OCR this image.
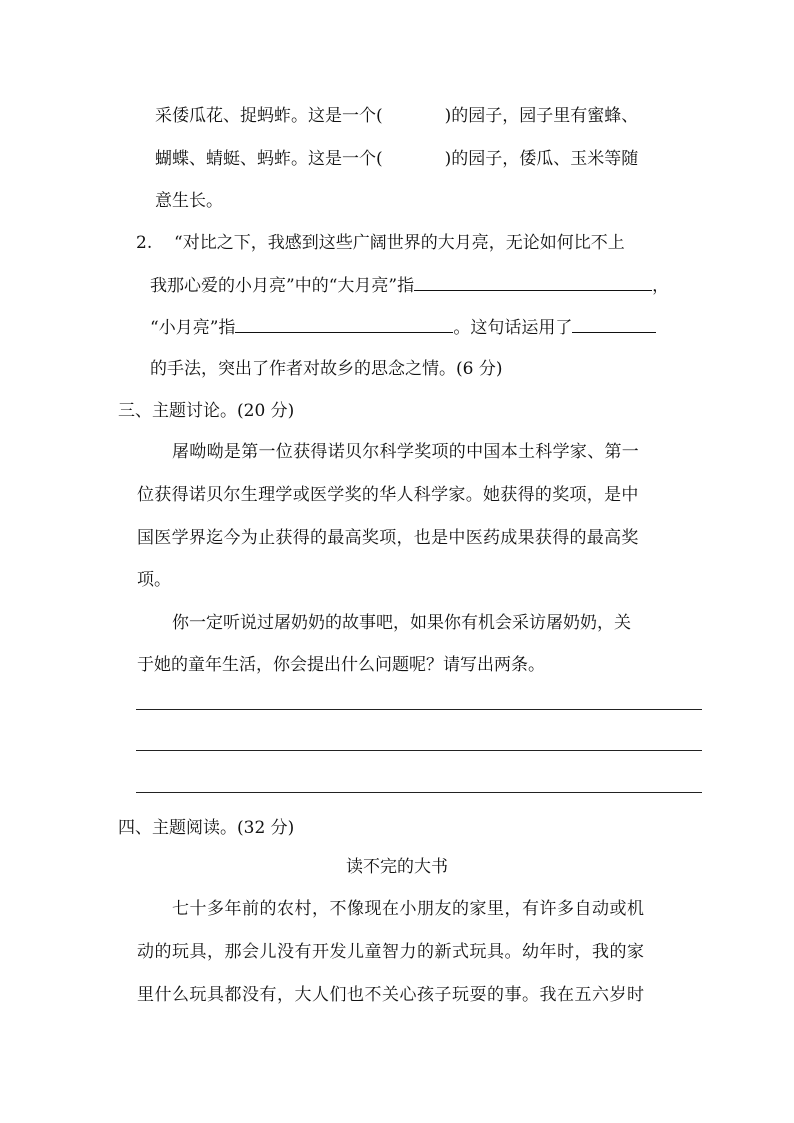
采倭瓜花、捉蚂蚱。这是一个(	)的园子，园子里有蜜蜂、
蝴蝶、蜻蜓、蚂蚱。这是一个(	)的园子，倭瓜、玉米等随
意生长。
2. “对比之下，我感到这些广阔世界的大月亮，无论如何比不上
我那心爱的小月亮”中的“大月亮”指	，
“小月亮”指	。这句话运用了
的手法，突出了作者对故乡的思念之情。(6 分)
三、主题讨论。(20 分)
屠呦呦是第一位获得诺贝尔科学奖项的中国本土科学家、第一
位获得诺贝尔生理学或医学奖的华人科学家。她获得的奖项，是中
国医学界迄今为止获得的最高奖项，也是中医药成果获得的最高奖
项。
你一定听说过屠奶奶的故事吧，如果你有机会采访屠奶奶，关
于她的童年生活，你会提出什么问题呢？请写出两条。
四、主题阅读。(32 分)
读不完的大书
七十多年前的农村，不像现在小朋友的家里，有许多自动或机
动的玩具，那会儿没有开发儿童智力的新式玩具。幼年时，我的家
里什么玩具都没有，大人们也不关心孩子玩耍的事。我在五六岁时
